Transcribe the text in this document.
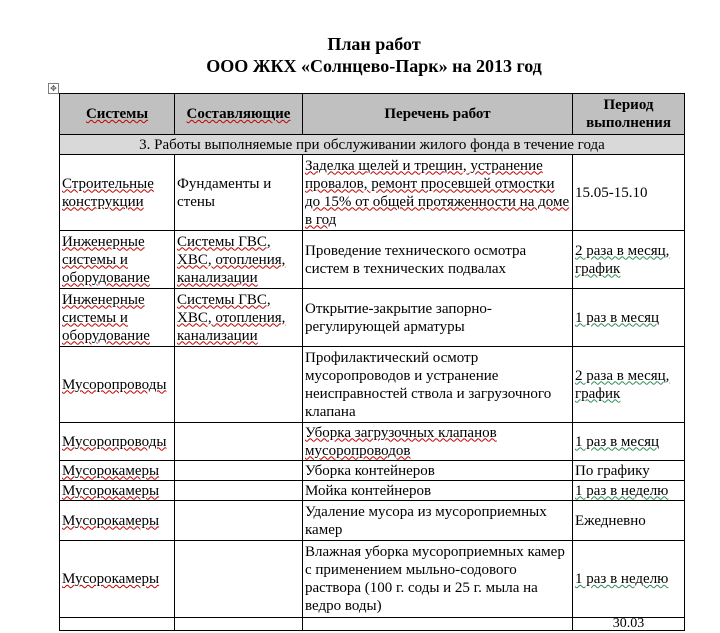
План работ
ООО ЖКХ «Солнцево-Парк» на 2013 год
✥
Системы	Составляющие	Перечень работ	Период выполнения
3. Работы выполняемые при обслуживании жилого фонда в течение года			
Строительные конструкции	Фундаменты и стены	Заделка щелей и трещин, устранение провалов, ремонт просевшей отмостки до 15% от общей протяженности на доме в год	15.05-15.10
Инженерные системы и оборудование	Системы ГВС, ХВС, отопления, канализации	Проведение технического осмотра систем в технических подвалах	2 раза в месяц, график
Инженерные системы и оборудование	Системы ГВС, ХВС, отопления, канализации	Открытие-закрытие запорно-регулирующей арматуры	1 раз в месяц
Мусоропроводы		Профилактический осмотр мусоропроводов и устранение неисправностей ствола и загрузочного клапана	2 раза в месяц, график
Мусоропроводы		Уборка загрузочных клапанов мусоропроводов	1 раз в месяц
Мусорокамеры		Уборка контейнеров	По графику
Мусорокамеры		Мойка контейнеров	1 раз в неделю
Мусорокамеры		Удаление мусора из мусороприемных камер	Ежедневно
Мусорокамеры		Влажная уборка мусороприемных камер с применением мыльно-содового раствора (100 г. соды и 25 г. мыла на ведро воды)	1 раз в неделю
			30.03
